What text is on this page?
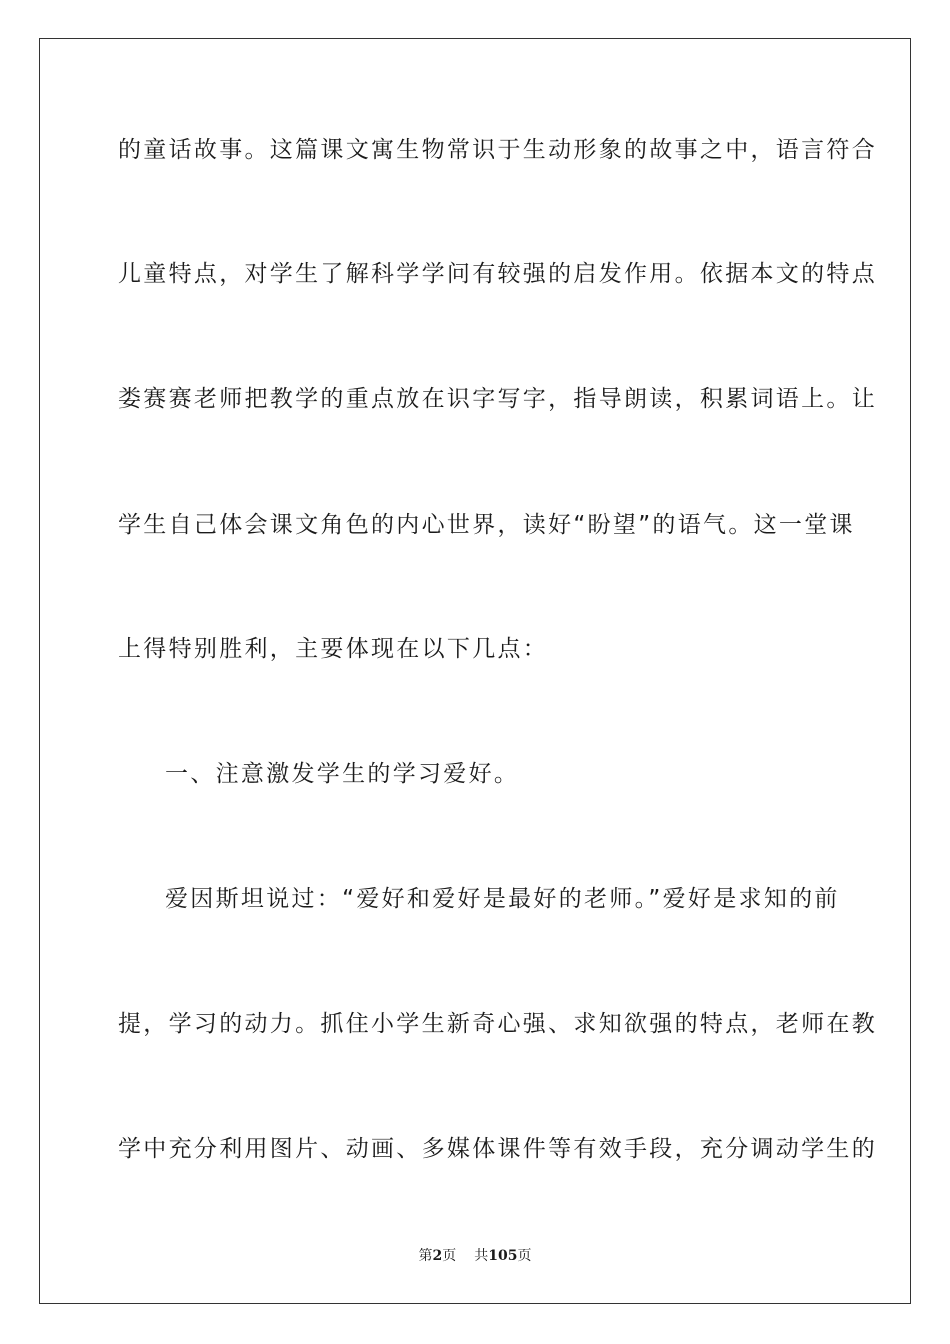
的童话故事。这篇课文寓生物常识于生动形象的故事之中，语言符合
儿童特点，对学生了解科学学问有较强的启发作用。依据本文的特点
娄赛赛老师把教学的重点放在识字写字，指导朗读，积累词语上。让
学生自己体会课文角色的内心世界，读好“盼望”的语气。这一堂课
上得特别胜利，主要体现在以下几点：
一、注意激发学生的学习爱好。
爱因斯坦说过：“爱好和爱好是最好的老师。”爱好是求知的前
提，学习的动力。抓住小学生新奇心强、求知欲强的特点，老师在教
学中充分利用图片、动画、多媒体课件等有效手段，充分调动学生的
第2页 共105页
